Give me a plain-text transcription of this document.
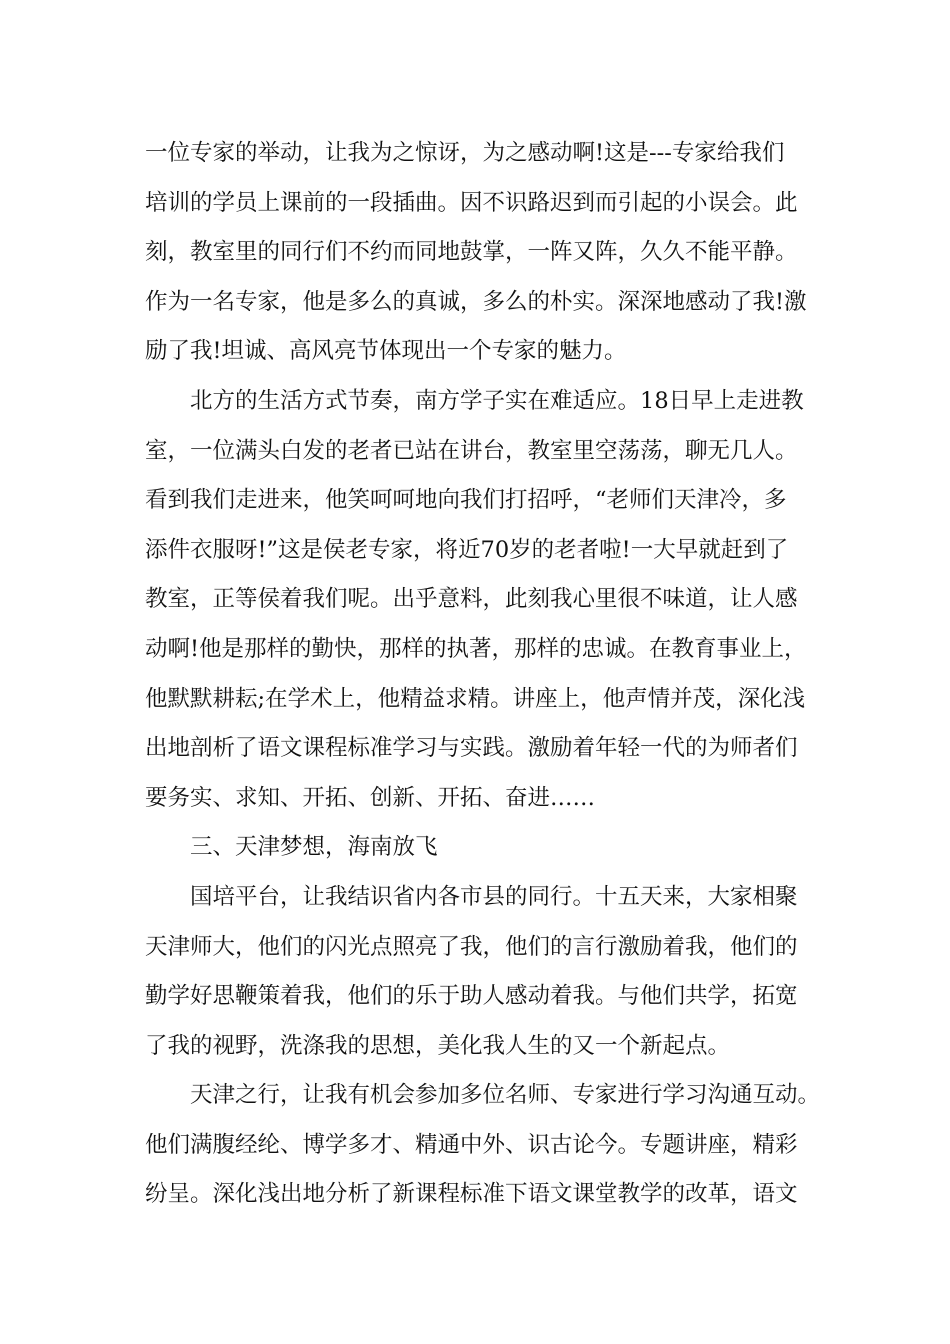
一位专家的举动，让我为之惊讶，为之感动啊!这是---专家给我们
培训的学员上课前的一段插曲。因不识路迟到而引起的小误会。此
刻，教室里的同行们不约而同地鼓掌，一阵又阵，久久不能平静。
作为一名专家，他是多么的真诚，多么的朴实。深深地感动了我!激
励了我!坦诚、高风亮节体现出一个专家的魅力。
北方的生活方式节奏，南方学子实在难适应。18日早上走进教
室，一位满头白发的老者已站在讲台，教室里空荡荡，聊无几人。
看到我们走进来，他笑呵呵地向我们打招呼，“老师们天津冷，多
添件衣服呀!”这是侯老专家，将近70岁的老者啦!一大早就赶到了
教室，正等侯着我们呢。出乎意料，此刻我心里很不味道，让人感
动啊!他是那样的勤快，那样的执著，那样的忠诚。在教育事业上，
他默默耕耘;在学术上，他精益求精。讲座上，他声情并茂，深化浅
出地剖析了语文课程标准学习与实践。激励着年轻一代的为师者们
要务实、求知、开拓、创新、开拓、奋进……
三、天津梦想，海南放飞
国培平台，让我结识省内各市县的同行。十五天来，大家相聚
天津师大，他们的闪光点照亮了我，他们的言行激励着我，他们的
勤学好思鞭策着我，他们的乐于助人感动着我。与他们共学，拓宽
了我的视野，洗涤我的思想，美化我人生的又一个新起点。
天津之行，让我有机会参加多位名师、专家进行学习沟通互动。
他们满腹经纶、博学多才、精通中外、识古论今。专题讲座，精彩
纷呈。深化浅出地分析了新课程标准下语文课堂教学的改革，语文
